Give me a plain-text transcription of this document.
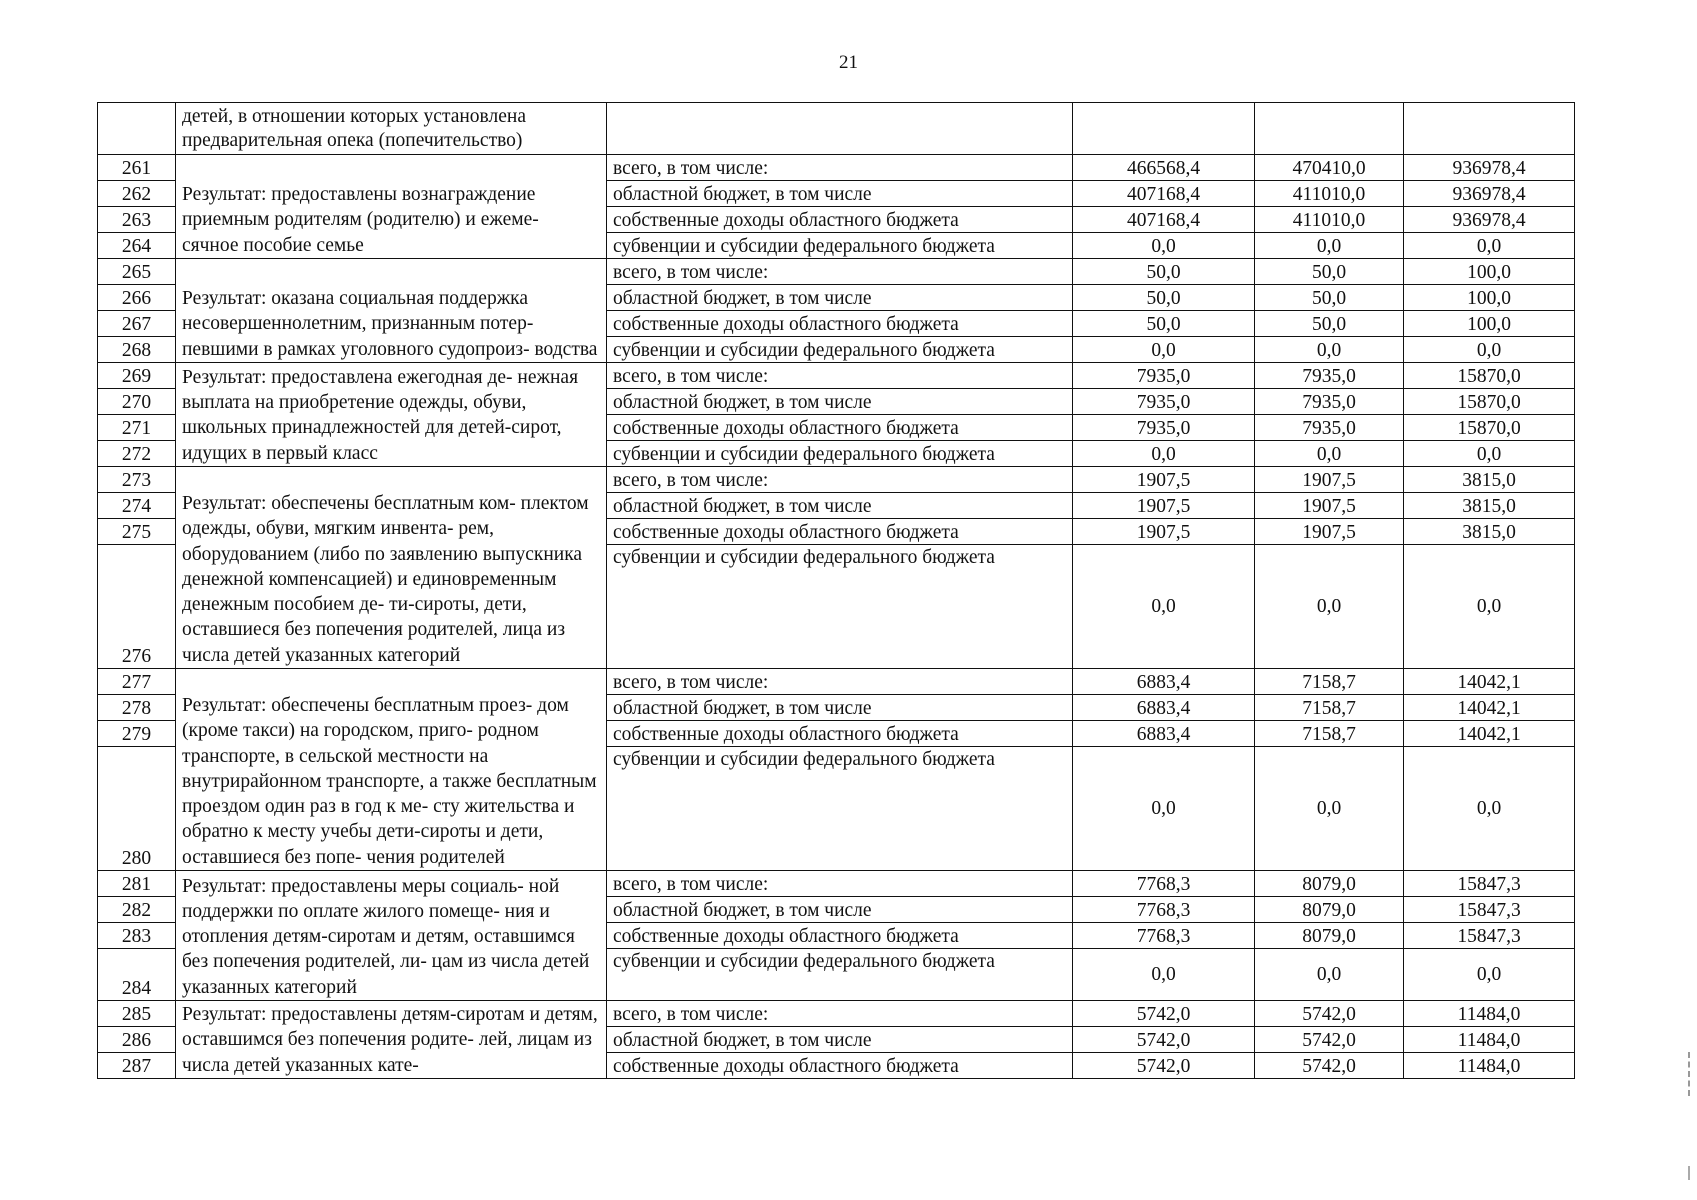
21
	детей, в отношении которых установлена предварительная опека (попечительство)				
261	Результат: предоставлены вознаграждение приемным родителям (родителю) и ежеме- сячное пособие семье	всего, в том числе:	466568,4	470410,0	936978,4
262		областной бюджет, в том числе	407168,4	411010,0	936978,4
263		собственные доходы областного бюджета	407168,4	411010,0	936978,4
264		субвенции и субсидии федерального бюджета	0,0	0,0	0,0
265	Результат: оказана социальная поддержка несовершеннолетним, признанным потер- певшими в рамках уголовного судопроиз- водства	всего, в том числе:	50,0	50,0	100,0
266		областной бюджет, в том числе	50,0	50,0	100,0
267		собственные доходы областного бюджета	50,0	50,0	100,0
268		субвенции и субсидии федерального бюджета	0,0	0,0	0,0
269	Результат: предоставлена ежегодная де- нежная выплата на приобретение одежды, обуви, школьных принадлежностей для детей-сирот, идущих в первый класс	всего, в том числе:	7935,0	7935,0	15870,0
270		областной бюджет, в том числе	7935,0	7935,0	15870,0
271		собственные доходы областного бюджета	7935,0	7935,0	15870,0
272		субвенции и субсидии федерального бюджета	0,0	0,0	0,0
273	Результат: обеспечены бесплатным ком- плектом одежды, обуви, мягким инвента- рем, оборудованием (либо по заявлению выпускника денежной компенсацией) и единовременным денежным пособием де- ти-сироты, дети, оставшиеся без попечения родителей, лица из числа детей указанных категорий	всего, в том числе:	1907,5	1907,5	3815,0
274		областной бюджет, в том числе	1907,5	1907,5	3815,0
275		собственные доходы областного бюджета	1907,5	1907,5	3815,0
276		субвенции и субсидии федерального бюджета	0,0	0,0	0,0
277	Результат: обеспечены бесплатным проез- дом (кроме такси) на городском, приго- родном транспорте, в сельской местности на внутрирайонном транспорте, а также бесплатным проездом один раз в год к ме- сту жительства и обратно к месту учебы дети-сироты и дети, оставшиеся без попе- чения родителей	всего, в том числе:	6883,4	7158,7	14042,1
278		областной бюджет, в том числе	6883,4	7158,7	14042,1
279		собственные доходы областного бюджета	6883,4	7158,7	14042,1
280		субвенции и субсидии федерального бюджета	0,0	0,0	0,0
281	Результат: предоставлены меры социаль- ной поддержки по оплате жилого помеще- ния и отопления детям-сиротам и детям, оставшимся без попечения родителей, ли- цам из числа детей указанных категорий	всего, в том числе:	7768,3	8079,0	15847,3
282		областной бюджет, в том числе	7768,3	8079,0	15847,3
283		собственные доходы областного бюджета	7768,3	8079,0	15847,3
284		субвенции и субсидии федерального бюджета	0,0	0,0	0,0
285	Результат: предоставлены детям-сиротам и детям, оставшимся без попечения родите- лей, лицам из числа детей указанных кате-	всего, в том числе:	5742,0	5742,0	11484,0
286		областной бюджет, в том числе	5742,0	5742,0	11484,0
287		собственные доходы областного бюджета	5742,0	5742,0	11484,0
